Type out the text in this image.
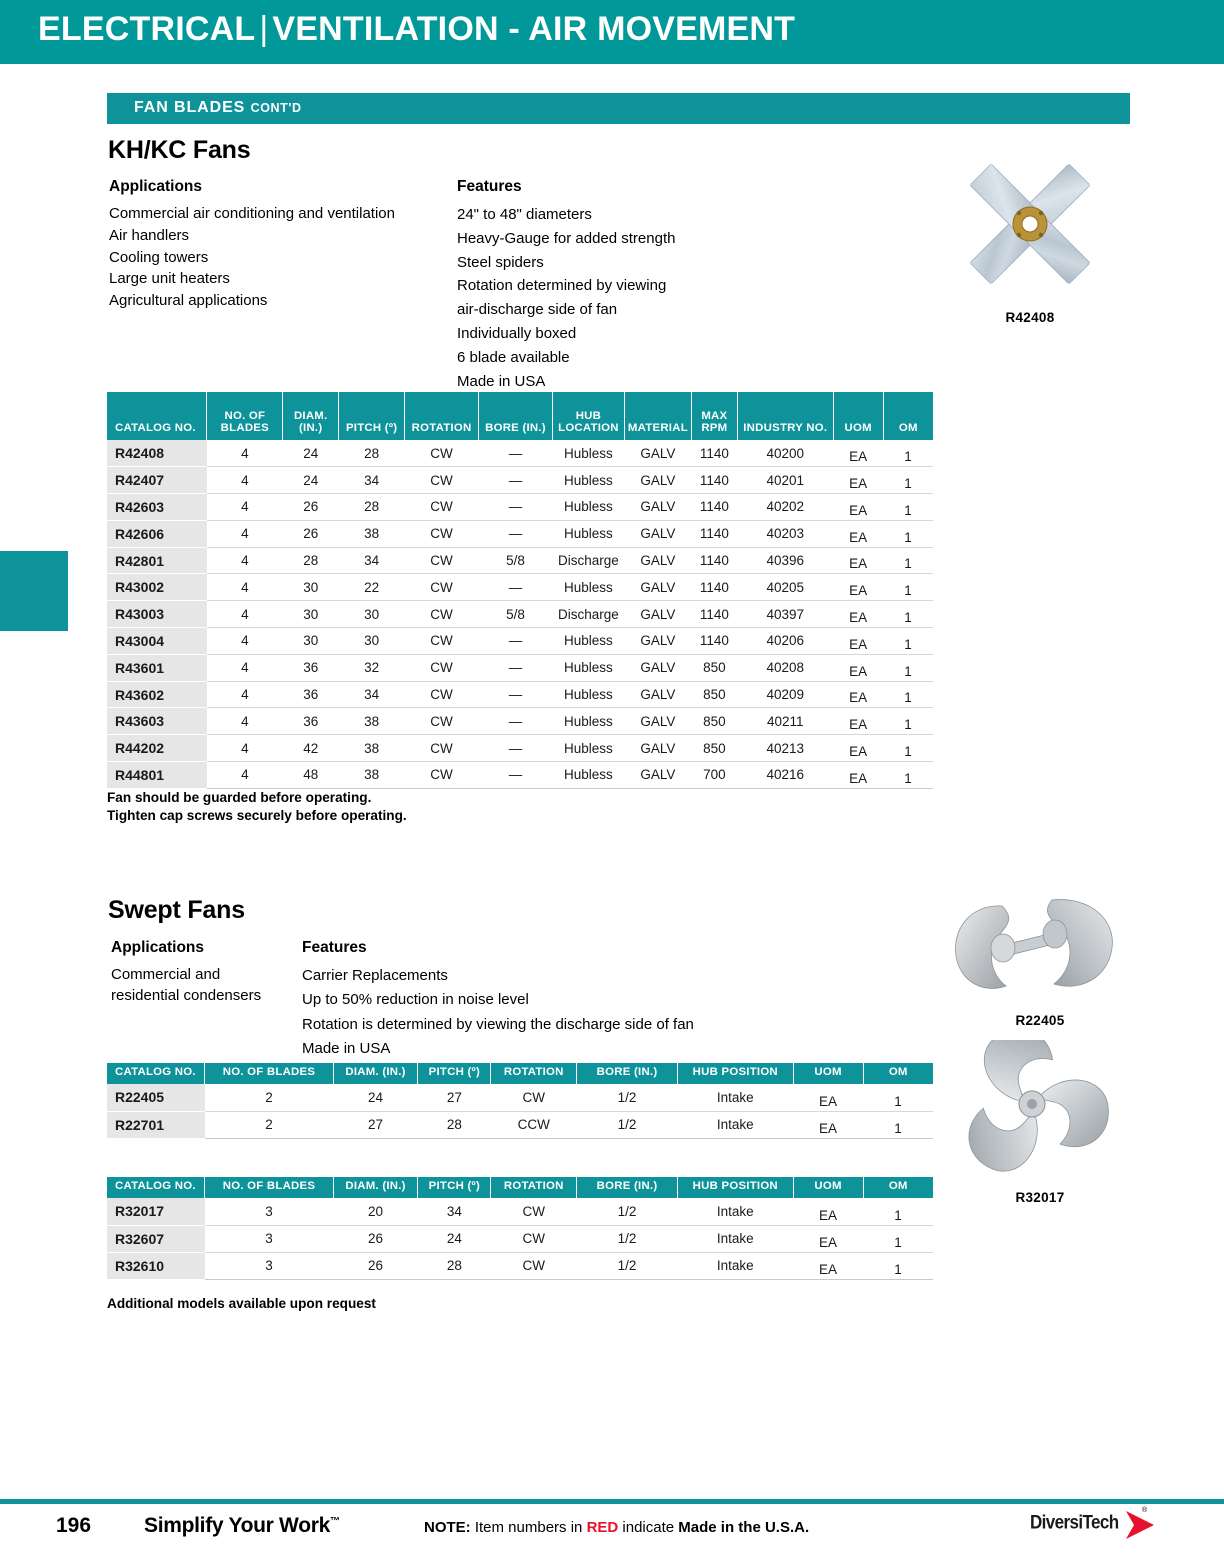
ELECTRICAL | VENTILATION - AIR MOVEMENT
FAN BLADES CONT'D
KH/KC Fans
Applications
Commercial air conditioning and ventilation
Air handlers
Cooling towers
Large unit heaters
Agricultural applications
Features
24" to 48" diameters
Heavy-Gauge for added strength
Steel spiders
Rotation determined by viewing
air-discharge side of fan
Individually boxed
6 blade available
Made in USA
R42408
CATALOG NO.	NO. OF
BLADES	DIAM.
(IN.)	PITCH (º)	ROTATION	BORE (IN.)	HUB
LOCATION	MATERIAL	MAX
RPM	INDUSTRY NO.	UOM	OM
R42408	4	24	28	CW	—	Hubless	GALV	1140	40200	EA	1
R42407	4	24	34	CW	—	Hubless	GALV	1140	40201	EA	1
R42603	4	26	28	CW	—	Hubless	GALV	1140	40202	EA	1
R42606	4	26	38	CW	—	Hubless	GALV	1140	40203	EA	1
R42801	4	28	34	CW	5/8	Discharge	GALV	1140	40396	EA	1
R43002	4	30	22	CW	—	Hubless	GALV	1140	40205	EA	1
R43003	4	30	30	CW	5/8	Discharge	GALV	1140	40397	EA	1
R43004	4	30	30	CW	—	Hubless	GALV	1140	40206	EA	1
R43601	4	36	32	CW	—	Hubless	GALV	850	40208	EA	1
R43602	4	36	34	CW	—	Hubless	GALV	850	40209	EA	1
R43603	4	36	38	CW	—	Hubless	GALV	850	40211	EA	1
R44202	4	42	38	CW	—	Hubless	GALV	850	40213	EA	1
R44801	4	48	38	CW	—	Hubless	GALV	700	40216	EA	1
Fan should be guarded before operating.
Tighten cap screws securely before operating.
Swept Fans
Applications
Commercial and
residential condensers
Features
Carrier Replacements
Up to 50% reduction in noise level
Rotation is determined by viewing the discharge side of fan
Made in USA
R22405
R32017
CATALOG NO.	NO. OF BLADES	DIAM. (IN.)	PITCH (º)	ROTATION	BORE (IN.)	HUB POSITION	UOM	OM
R22405	2	24	27	CW	1/2	Intake	EA	1
R22701	2	27	28	CCW	1/2	Intake	EA	1
CATALOG NO.	NO. OF BLADES	DIAM. (IN.)	PITCH (º)	ROTATION	BORE (IN.)	HUB POSITION	UOM	OM
R32017	3	20	34	CW	1/2	Intake	EA	1
R32607	3	26	24	CW	1/2	Intake	EA	1
R32610	3	26	28	CW	1/2	Intake	EA	1
Additional models available upon request
196	Simplify Your Work™	NOTE: Item numbers in RED indicate Made in the U.S.A.	DiversiTech
®
